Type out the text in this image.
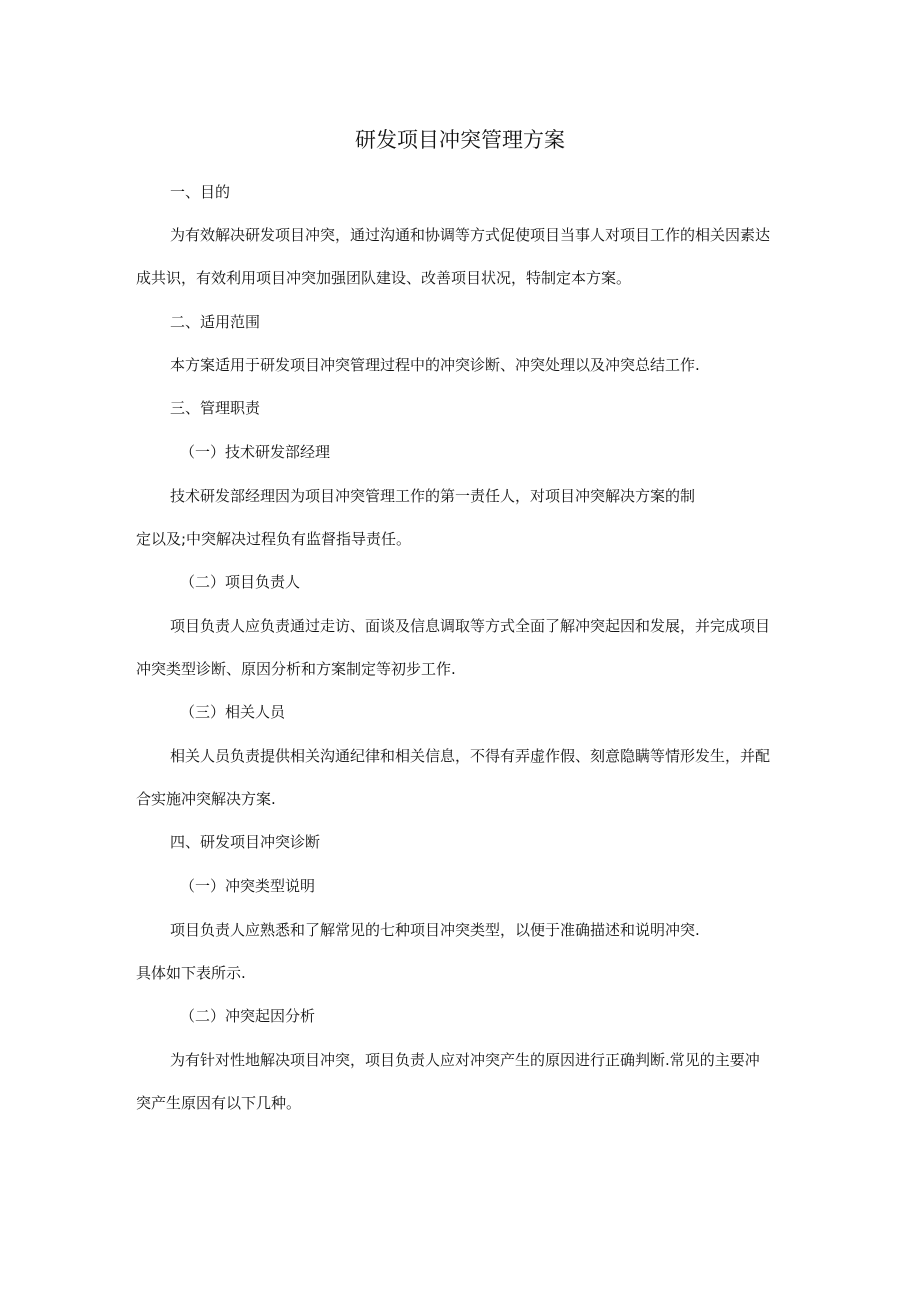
研发项目冲突管理方案
一、目的
为有效解决研发项目冲突，通过沟通和协调等方式促使项目当事人对项目工作的相关因素达
成共识，有效利用项目冲突加强团队建设、改善项目状况，特制定本方案。
二、适用范围
本方案适用于研发项目冲突管理过程中的冲突诊断、冲突处理以及冲突总结工作.
三、管理职责
（一）技术研发部经理
技术研发部经理因为项目冲突管理工作的第一责任人，对项目冲突解决方案的制
定以及;中突解决过程负有监督指导责任。
（二）项目负责人
项目负责人应负责通过走访、面谈及信息调取等方式全面了解冲突起因和发展，并完成项目
冲突类型诊断、原因分析和方案制定等初步工作.
（三）相关人员
相关人员负责提供相关沟通纪律和相关信息，不得有弄虚作假、刻意隐瞒等情形发生，并配
合实施冲突解决方案.
四、研发项目冲突诊断
（一）冲突类型说明
项目负责人应熟悉和了解常见的七种项目冲突类型，以便于准确描述和说明冲突.
具体如下表所示.
（二）冲突起因分析
为有针对性地解决项目冲突，项目负责人应对冲突产生的原因进行正确判断.常见的主要冲
突产生原因有以下几种。
